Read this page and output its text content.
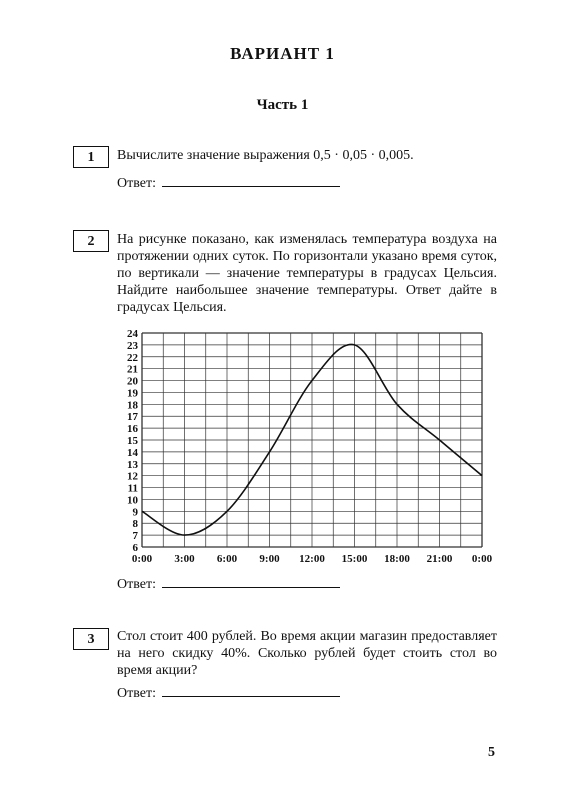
ВАРИАНТ 1
Часть 1
1	Вычислите значение выражения 0,5 · 0,05 · 0,005.
Ответ:
2	На рисунке показано, как изменялась температура воздуха на протяжении одних суток. По горизонтали указано время суток, по вертикали — значение температуры в градусах Цельсия. Найдите наибольшее значение температуры. Ответ дайте в градусах Цельсия.
6
7
8
9
10
11
12
13
14
15
16
17
18
19
20
21
22
23
24
0:00 3:00 6:00 9:00 12:00 15:00 18:00 21:00 0:00
Ответ:
3	Стол стоит 400 рублей. Во время акции магазин предоставляет на него скидку 40%. Сколько рублей будет стоить стол во время акции?
Ответ:
5
